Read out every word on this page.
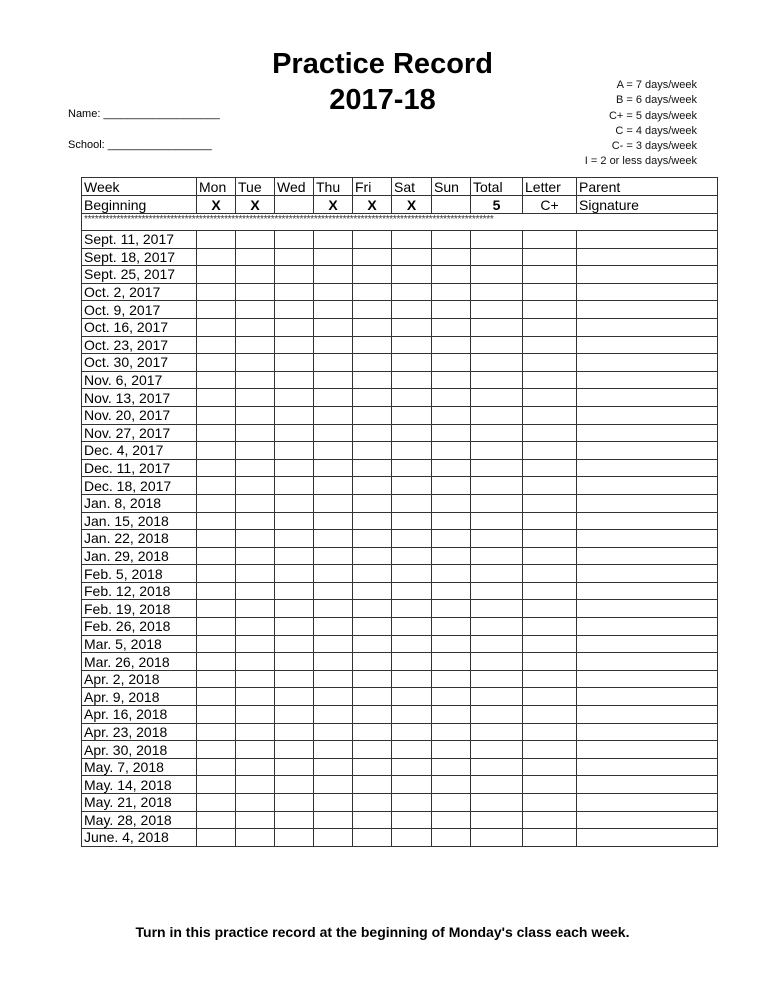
Practice Record
2017-18
Name: ___________________
School: _________________
A = 7 days/week
B = 6 days/week
C+ = 5 days/week
C = 4 days/week
C- = 3 days/week
I = 2 or less days/week
Week	Mon	Tue	Wed	Thu	Fri	Sat	Sun	Total	Letter	Parent
Beginning	X	X		X	X	X		5	C+	Signature
******************************************************************************************************************										
Sept. 11, 2017										
Sept. 18, 2017										
Sept. 25, 2017										
Oct. 2, 2017										
Oct. 9, 2017										
Oct. 16, 2017										
Oct. 23, 2017										
Oct. 30, 2017										
Nov. 6, 2017										
Nov. 13, 2017										
Nov. 20, 2017										
Nov. 27, 2017										
Dec. 4, 2017										
Dec. 11, 2017										
Dec. 18, 2017										
Jan. 8, 2018										
Jan. 15, 2018										
Jan. 22, 2018										
Jan. 29, 2018										
Feb. 5, 2018										
Feb. 12, 2018										
Feb. 19, 2018										
Feb. 26, 2018										
Mar. 5, 2018										
Mar. 26, 2018										
Apr. 2, 2018										
Apr. 9, 2018										
Apr. 16, 2018										
Apr. 23, 2018										
Apr. 30, 2018										
May. 7, 2018										
May. 14, 2018										
May. 21, 2018										
May. 28, 2018										
June. 4, 2018										
Turn in this practice record at the beginning of Monday's class each week.
